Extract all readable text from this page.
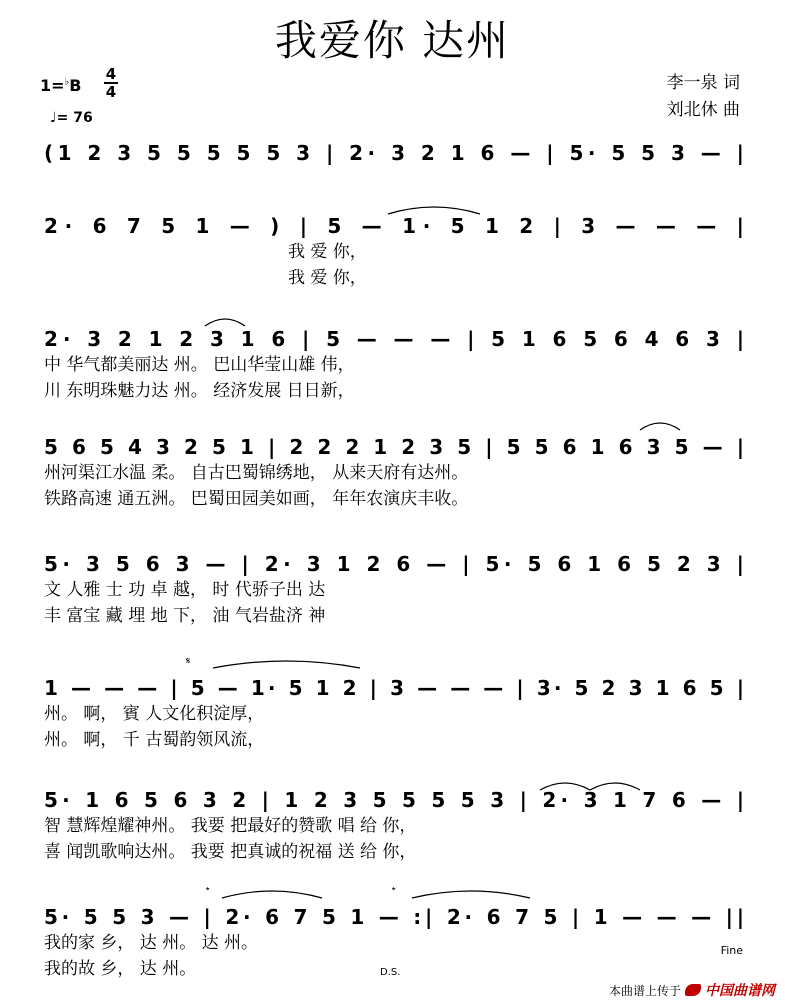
我爱你 达州
1=♭B
4
4
♩= 76
李一泉 词
刘北休 曲
(1 2 3 5 5 5 5 5 3 | 2· 3 2 1 6 — | 5· 5 5 3 — |
2· 6 7 5 1 — ) | 5 — 1· 5 1 2 | 3 — — — |
我 爱 你，
我 爱 你，
2· 3 2 1 2 3 1 6 | 5 — — — | 5 1 6 5 6 4 6 3 |
中 华气都美丽达 州。 巴山华莹山雄 伟，
川 东明珠魅力达 州。 经济发展 日日新，
5 6 5 4 3 2 5 1 | 2 2 2 1 2 3 5 | 5 5 6 1 6 3 5 — |
州河渠江水温 柔。 自古巴蜀锦绣地， 从来天府有达州。
铁路高速 通五洲。 巴蜀田园美如画， 年年农演庆丰收。
5· 3 5 6 3 — | 2· 3 1 2 6 — | 5· 5 6 1 6 5 2 3 |
文 人雅 士 功 卓 越， 时 代骄子出 达
丰 富宝 藏 埋 地 下， 油 气岩盐济 神
1 — — — | 5 — 1· 5 1 2 | 3 — — — | 3· 5 2 3 1 6 5 |
州。 啊， 賓 人文化积淀厚，
州。 啊， 千 古蜀韵领风流，
5· 1 6 5 6 3 2 | 1 2 3 5 5 5 5 3 | 2· 3 1 7 6 — |
智 慧辉煌耀神州。 我要 把最好的赞歌 唱 给 你，
喜 闻凯歌响达州。 我要 把真诚的祝福 送 给 你，
5· 5 5 3 — | 2· 6 7 5 1 — :| 2· 6 7 5 | 1 — — — ||
我的家 乡， 达 州。 达 州。
我的故 乡， 达 州。
𝄋
𝄌	𝄌
Fine
D.S.
本曲谱上传于 中国曲谱网
